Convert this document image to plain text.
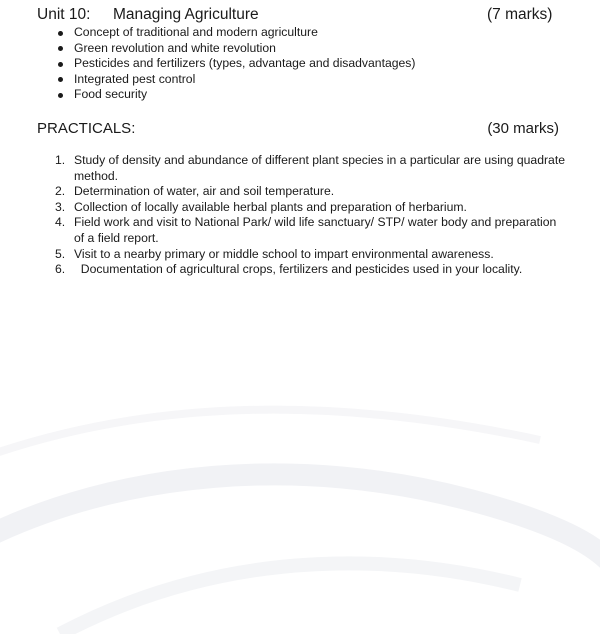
Unit 10: Managing Agriculture	(7 marks)
Concept of traditional and modern agriculture
Green revolution and white revolution
Pesticides and fertilizers (types, advantage and disadvantages)
Integrated pest control
Food security
PRACTICALS:	(30 marks)
1. Study of density and abundance of different plant species in a particular are using quadrate method.
2. Determination of water, air and soil temperature.
3. Collection of locally available herbal plants and preparation of herbarium.
4. Field work and visit to National Park/ wild life sanctuary/ STP/ water body and preparation of a field report.
5. Visit to a nearby primary or middle school to impart environmental awareness.
6. Documentation of agricultural crops, fertilizers and pesticides used in your locality.
